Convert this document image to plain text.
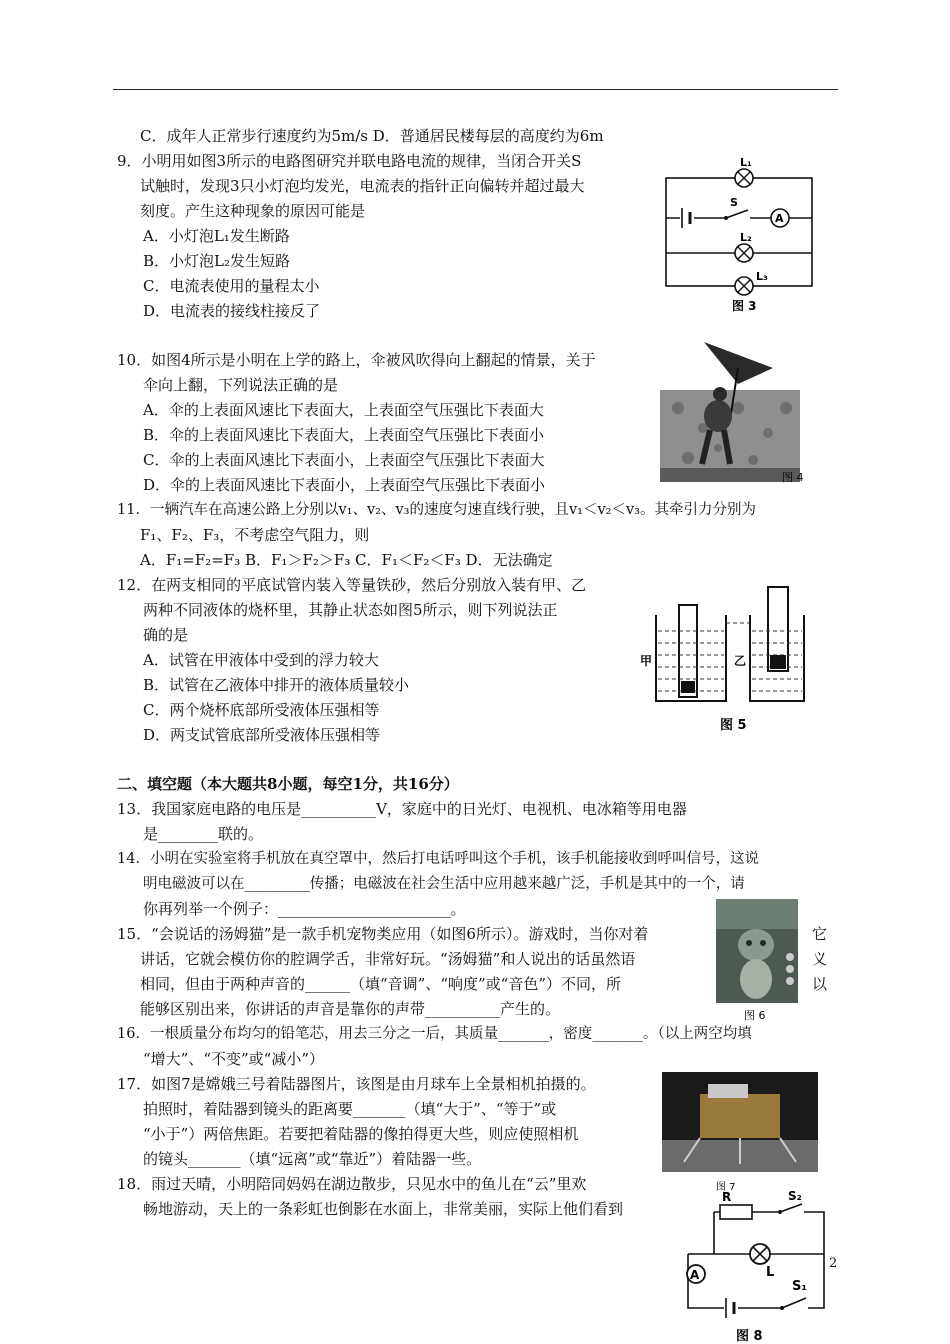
C．成年人正常步行速度约为5m/s D．普通居民楼每层的高度约为6m
9．小明用如图3所示的电路图研究并联电路电流的规律，当闭合开关S
试触时，发现3只小灯泡均发光，电流表的指针正向偏转并超过最大
刻度。产生这种现象的原因可能是
A．小灯泡L₁发生断路
B．小灯泡L₂发生短路
C．电流表使用的量程太小
D．电流表的接线柱接反了
10．如图4所示是小明在上学的路上，伞被风吹得向上翻起的情景，关于
伞向上翻，下列说法正确的是
A．伞的上表面风速比下表面大，上表面空气压强比下表面大
B．伞的上表面风速比下表面大，上表面空气压强比下表面小
C．伞的上表面风速比下表面小，上表面空气压强比下表面大
D．伞的上表面风速比下表面小，上表面空气压强比下表面小
11．一辆汽车在高速公路上分别以v₁、v₂、v₃的速度匀速直线行驶，且v₁＜v₂＜v₃。其牵引力分别为
F₁、F₂、F₃，不考虑空气阻力，则
A．F₁=F₂=F₃ B．F₁＞F₂＞F₃ C．F₁＜F₂＜F₃ D．无法确定
12．在两支相同的平底试管内装入等量铁砂，然后分别放入装有甲、乙
两种不同液体的烧杯里，其静止状态如图5所示，则下列说法正
确的是
A．试管在甲液体中受到的浮力较大
B．试管在乙液体中排开的液体质量较小
C．两个烧杯底部所受液体压强相等
D．两支试管底部所受液体压强相等
二、填空题（本大题共8小题，每空1分，共16分）
13．我国家庭电路的电压是__________V，家庭中的日光灯、电视机、电冰箱等用电器
是________联的。
14．小明在实验室将手机放在真空罩中，然后打电话呼叫这个手机，该手机能接收到呼叫信号，这说
明电磁波可以在_________传播；电磁波在社会生活中应用越来越广泛，手机是其中的一个，请
你再列举一个例子：_______________________。
15．“会说话的汤姆猫”是一款手机宠物类应用（如图6所示）。游戏时，当你对着
讲话，它就会模仿你的腔调学舌，非常好玩。“汤姆猫”和人说出的话虽然语
相同，但由于两种声音的______（填“音调”、“响度”或“音色”）不同，所
能够区别出来，你讲话的声音是靠你的声带__________产生的。
它
义
以
16．一根质量分布均匀的铅笔芯，用去三分之一后，其质量_______，密度_______。（以上两空均填
“增大”、“不变”或“减小”）
17．如图7是嫦娥三号着陆器图片，该图是由月球车上全景相机拍摄的。
拍照时，着陆器到镜头的距离要_______（填“大于”、“等于”或
“小于”）两倍焦距。若要把着陆器的像拍得更大些，则应使照相机
的镜头_______（填“远离”或“靠近”）着陆器一些。
18．雨过天晴，小明陪同妈妈在湖边散步，只见水中的鱼儿在“云”里欢
畅地游动，天上的一条彩虹也倒影在水面上，非常美丽，实际上他们看到
L₁
S
A
L₂
L₃
图 3
图 4
甲	乙
图 5
图 6
图 7
R	S₂
L
A
S₁
图 8
2
